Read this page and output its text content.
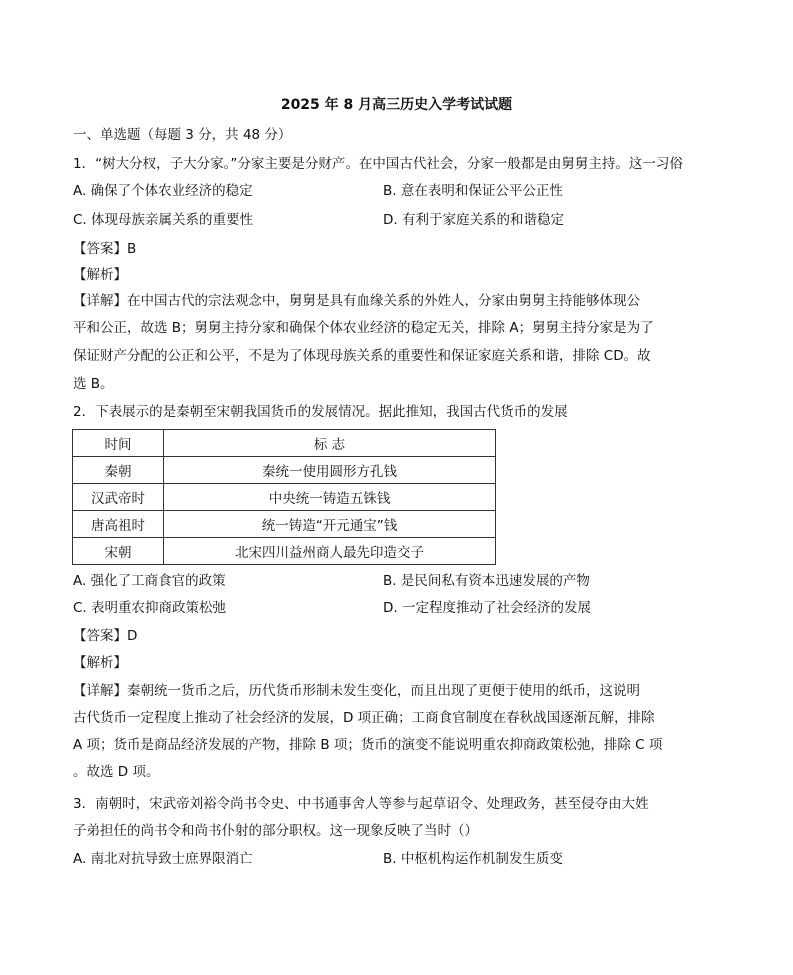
2025 年 8 月高三历史入学考试试题
一、单选题（每题 3 分，共 48 分）
1．“树大分杈，子大分家。”分家主要是分财产。在中国古代社会，分家一般都是由舅舅主持。这一习俗
A. 确保了个体农业经济的稳定	B. 意在表明和保证公平公正性
C. 体现母族亲属关系的重要性	D. 有利于家庭关系的和谐稳定
【答案】B
【解析】
【详解】在中国古代的宗法观念中，舅舅是具有血缘关系的外姓人，分家由舅舅主持能够体现公
平和公正，故选 B；舅舅主持分家和确保个体农业经济的稳定无关，排除 A；舅舅主持分家是为了
保证财产分配的公正和公平，不是为了体现母族关系的重要性和保证家庭关系和谐，排除 CD。故
选 B。
2．下表展示的是秦朝至宋朝我国货币的发展情况。据此推知，我国古代货币的发展
时间	标 志
秦朝	秦统一使用圆形方孔钱
汉武帝时	中央统一铸造五铢钱
唐高祖时	统一铸造“开元通宝”钱
宋朝	北宋四川益州商人最先印造交子
A. 强化了工商食官的政策	B. 是民间私有资本迅速发展的产物
C. 表明重农抑商政策松弛	D. 一定程度推动了社会经济的发展
【答案】D
【解析】
【详解】秦朝统一货币之后，历代货币形制未发生变化，而且出现了更便于使用的纸币，这说明
古代货币一定程度上推动了社会经济的发展，D 项正确；工商食官制度在春秋战国逐渐瓦解，排除
A 项；货币是商品经济发展的产物，排除 B 项；货币的演变不能说明重农抑商政策松弛，排除 C 项
。故选 D 项。
3．南朝时，宋武帝刘裕令尚书令史、中书通事舍人等参与起草诏令、处理政务，甚至侵夺由大姓
子弟担任的尚书令和尚书仆射的部分职权。这一现象反映了当时（）
A. 南北对抗导致士庶界限消亡	B. 中枢机构运作机制发生质变
